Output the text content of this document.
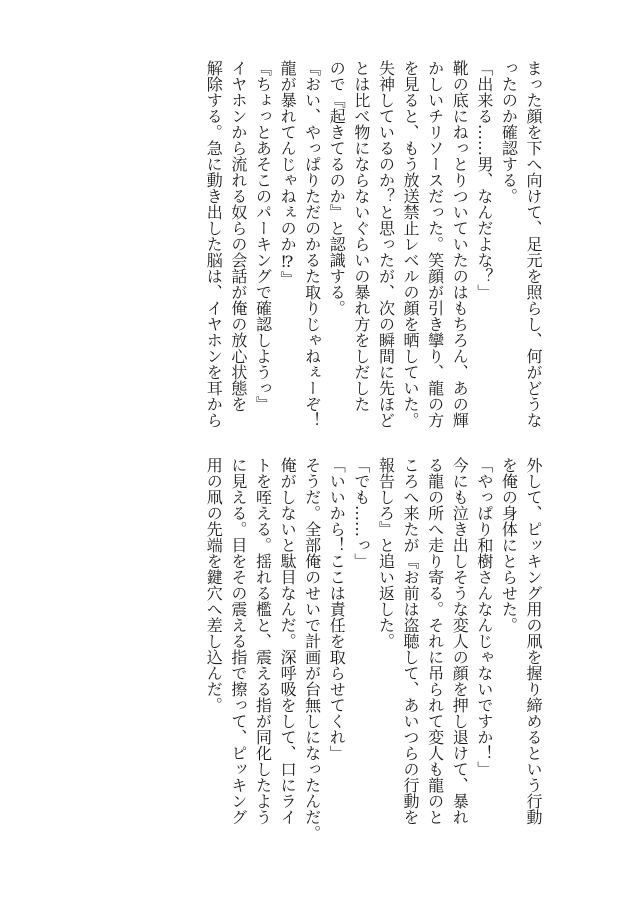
まった顔を下へ向けて、足元を照らし、何がどうな
ったのか確認する。
「出来る……男、なんだよな？」
靴の底にねっとりついていたのはもちろん、あの輝
かしいチリソースだった。笑顔が引き攣り、龍の方
を見ると、もう放送禁止レベルの顔を晒していた。
失神しているのか？と思ったが、次の瞬間に先ほど
とは比べ物にならないぐらいの暴れ方をしだした
ので『起きてるのか』と認識する。
『おい、やっぱりただのかるた取りじゃねぇーぞ！
龍が暴れてんじゃねぇのか⁉』
『ちょっとあそこのパーキングで確認しようっ』
イヤホンから流れる奴らの会話が俺の放心状態を
解除する。急に動き出した脳は、イヤホンを耳から
外して、ピッキング用の凧を握り締めるという行動
を俺の身体にとらせた。
「やっぱり和樹さんなんじゃないですか！」
今にも泣き出しそうな変人の顔を押し退けて、暴れ
る龍の所へ走り寄る。それに吊られて変人も龍のと
ころへ来たが『お前は盗聴して、あいつらの行動を
報告しろ』と追い返した。
「でも……っ」
「いいから！ここは責任を取らせてくれ」
そうだ。全部俺のせいで計画が台無しになったんだ。
俺がしないと駄目なんだ。深呼吸をして、口にライ
トを咥える。揺れる檻と、震える指が同化したよう
に見える。目をその震える指で擦って、ピッキング
用の凧の先端を鍵穴へ差し込んだ。
